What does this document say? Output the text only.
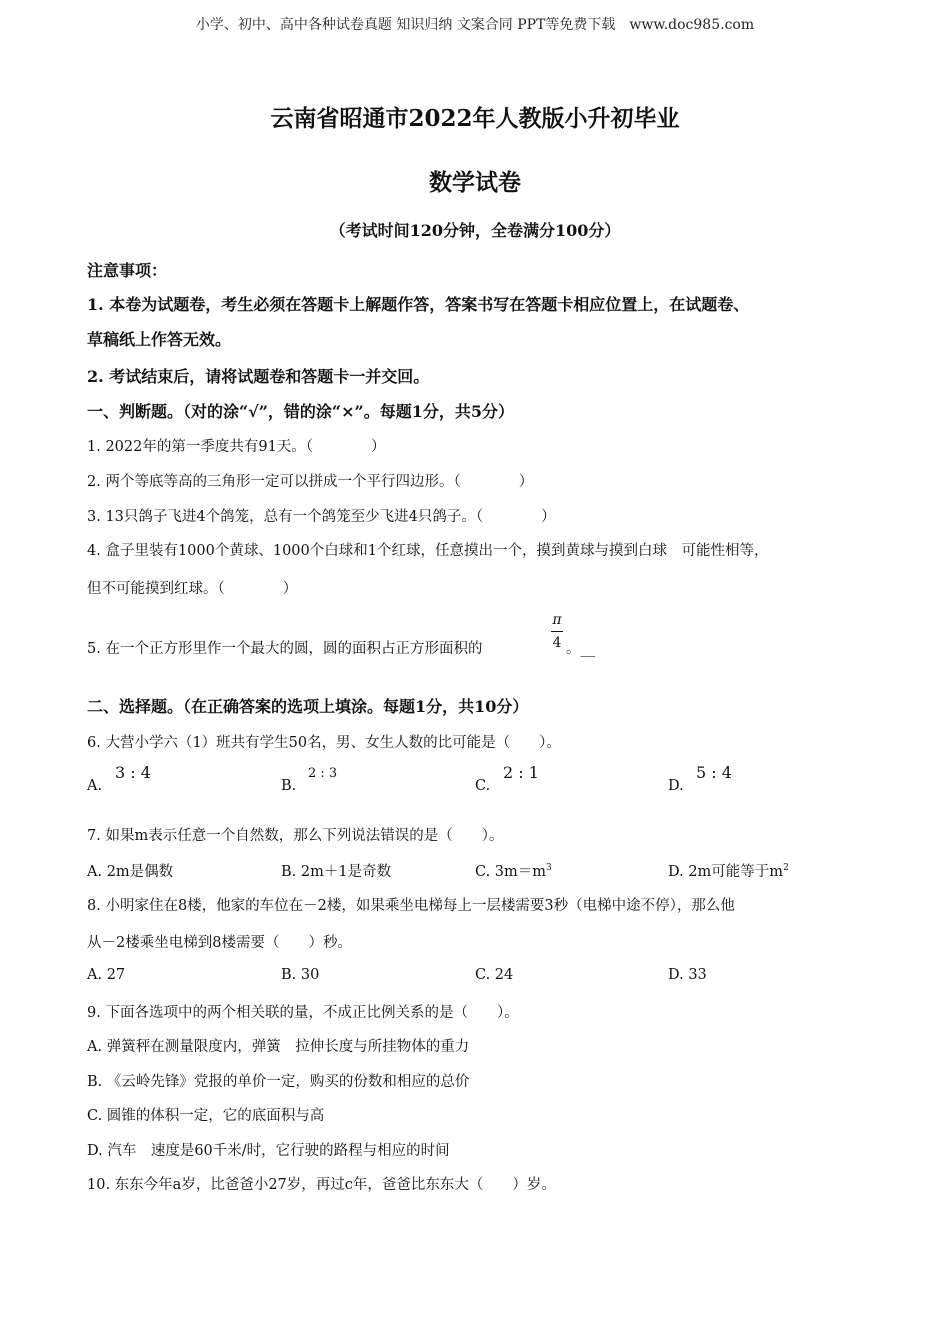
小学、初中、高中各种试卷真题 知识归纳 文案合同 PPT等免费下载 www.doc985.com
云南省昭通市2022年人教版小升初毕业
数学试卷
（考试时间120分钟，全卷满分100分）
注意事项：
1. 本卷为试题卷，考生必须在答题卡上解题作答，答案书写在答题卡相应位置上，在试题卷、
草稿纸上作答无效。
2. 考试结束后，请将试题卷和答题卡一并交回。
一、判断题。（对的涂“√”，错的涂“×”。每题1分，共5分）
1. 2022年的第一季度共有91天。（　　　　）
2. 两个等底等高的三角形一定可以拼成一个平行四边形。（　　　　）
3. 13只鸽子飞进4个鸽笼，总有一个鸽笼至少飞进4只鸽子。（　　　　）
4. 盒子里装有1000个黄球、1000个白球和1个红球，任意摸出一个，摸到黄球与摸到白球　可能性相等，
但不可能摸到红球。（　　　　）
5. 在一个正方形里作一个最大的圆，圆的面积占正方形面积的
π
4 。__
二、选择题。（在正确答案的选项上填涂。每题1分，共10分）
6. 大营小学六（1）班共有学生50名，男、女生人数的比可能是（　　）。
A.
3 : 4
B.
2 : 3
C.
2 : 1
D.
5 : 4
7. 如果m表示任意一个自然数，那么下列说法错误的是（　　）。
A. 2m是偶数	B. 2m＋1是奇数	C. $3m=m^3$	D. 2m可能等于$m^2$
8. 小明家住在8楼，他家的车位在－2楼，如果乘坐电梯每上一层楼需要3秒（电梯中途不停），那么他
从－2楼乘坐电梯到8楼需要（　　）秒。
A. 27	B. 30	C. 24	D. 33
9. 下面各选项中的两个相关联的量，不成正比例关系的是（　　）。
A. 弹簧秤在测量限度内，弹簧　拉伸长度与所挂物体的重力
B. 《云岭先锋》党报的单价一定，购买的份数和相应的总价
C. 圆锥的体积一定，它的底面积与高
D. 汽车　速度是60千米/时，它行驶的路程与相应的时间
10. 东东今年a岁，比爸爸小27岁，再过c年，爸爸比东东大（　　）岁。
